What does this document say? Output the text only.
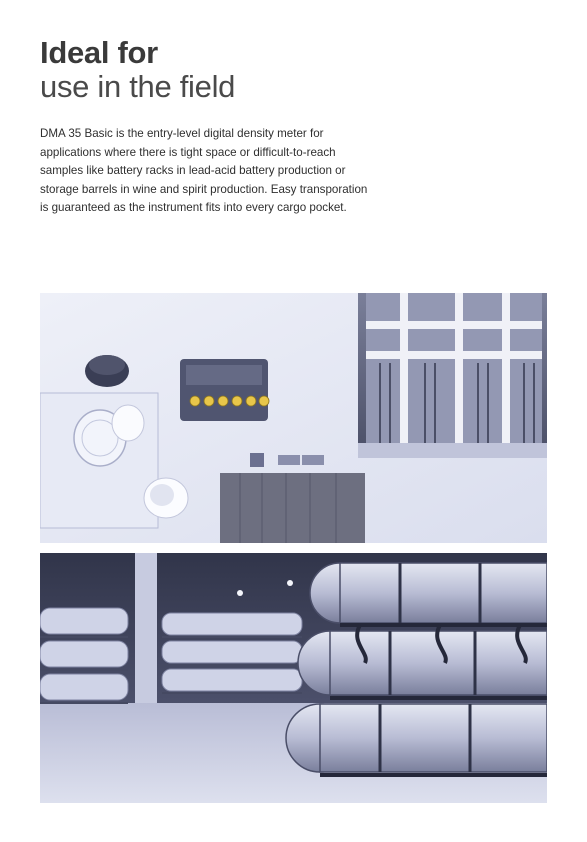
Ideal for
use in the field

DMA 35 Basic is the entry-level digital density meter for applications where there is tight space or difficult-to-reach samples like battery racks in lead-acid battery production or storage barrels in wine and spirit production. Easy transporation is guaranteed as the instrument fits into every cargo pocket.
